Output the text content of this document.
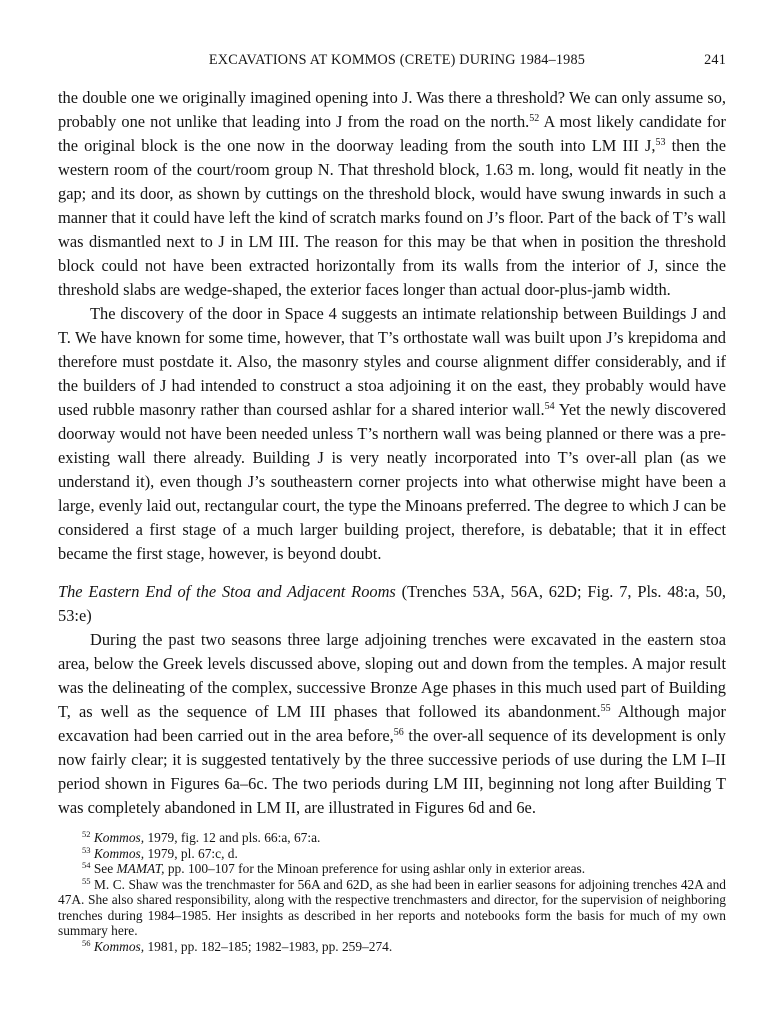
EXCAVATIONS AT KOMMOS (CRETE) DURING 1984–1985	241

the double one we originally imagined opening into J. Was there a threshold? We can only assume so, probably one not unlike that leading into J from the road on the north.$^{52}$ A most likely candidate for the original block is the one now in the doorway leading from the south into LM III J,$^{53}$ then the western room of the court/room group N. That threshold block, 1.63 m. long, would fit neatly in the gap; and its door, as shown by cuttings on the threshold block, would have swung inwards in such a manner that it could have left the kind of scratch marks found on J’s floor. Part of the back of T’s wall was dismantled next to J in LM III. The reason for this may be that when in position the threshold block could not have been extracted horizontally from its walls from the interior of J, since the threshold slabs are wedge-shaped, the exterior faces longer than actual door-plus-jamb width.

The discovery of the door in Space 4 suggests an intimate relationship between Buildings J and T. We have known for some time, however, that T’s orthostate wall was built upon J’s krepidoma and therefore must postdate it. Also, the masonry styles and course alignment differ considerably, and if the builders of J had intended to construct a stoa adjoining it on the east, they probably would have used rubble masonry rather than coursed ashlar for a shared interior wall.$^{54}$ Yet the newly discovered doorway would not have been needed unless T’s northern wall was being planned or there was a pre-existing wall there already. Building J is very neatly incorporated into T’s over-all plan (as we understand it), even though J’s southeastern corner projects into what otherwise might have been a large, evenly laid out, rectangular court, the type the Minoans preferred. The degree to which J can be considered a first stage of a much larger building project, therefore, is debatable; that it in effect became the first stage, however, is beyond doubt.

The Eastern End of the Stoa and Adjacent Rooms (Trenches 53A, 56A, 62D; Fig. 7, Pls. 48:a, 50, 53:e)

During the past two seasons three large adjoining trenches were excavated in the eastern stoa area, below the Greek levels discussed above, sloping out and down from the temples. A major result was the delineating of the complex, successive Bronze Age phases in this much used part of Building T, as well as the sequence of LM III phases that followed its abandonment.$^{55}$ Although major excavation had been carried out in the area before,$^{56}$ the over-all sequence of its development is only now fairly clear; it is suggested tentatively by the three successive periods of use during the LM I–II period shown in Figures 6a–6c. The two periods during LM III, beginning not long after Building T was completely abandoned in LM II, are illustrated in Figures 6d and 6e.

$^{52}$ Kommos, 1979, fig. 12 and pls. 66:a, 67:a.

$^{53}$ Kommos, 1979, pl. 67:c, d.

$^{54}$ See MAMAT, pp. 100–107 for the Minoan preference for using ashlar only in exterior areas.

$^{55}$ M. C. Shaw was the trenchmaster for 56A and 62D, as she had been in earlier seasons for adjoining trenches 42A and 47A. She also shared responsibility, along with the respective trenchmasters and director, for the supervision of neighboring trenches during 1984–1985. Her insights as described in her reports and notebooks form the basis for much of my own summary here.

$^{56}$ Kommos, 1981, pp. 182–185; 1982–1983, pp. 259–274.
